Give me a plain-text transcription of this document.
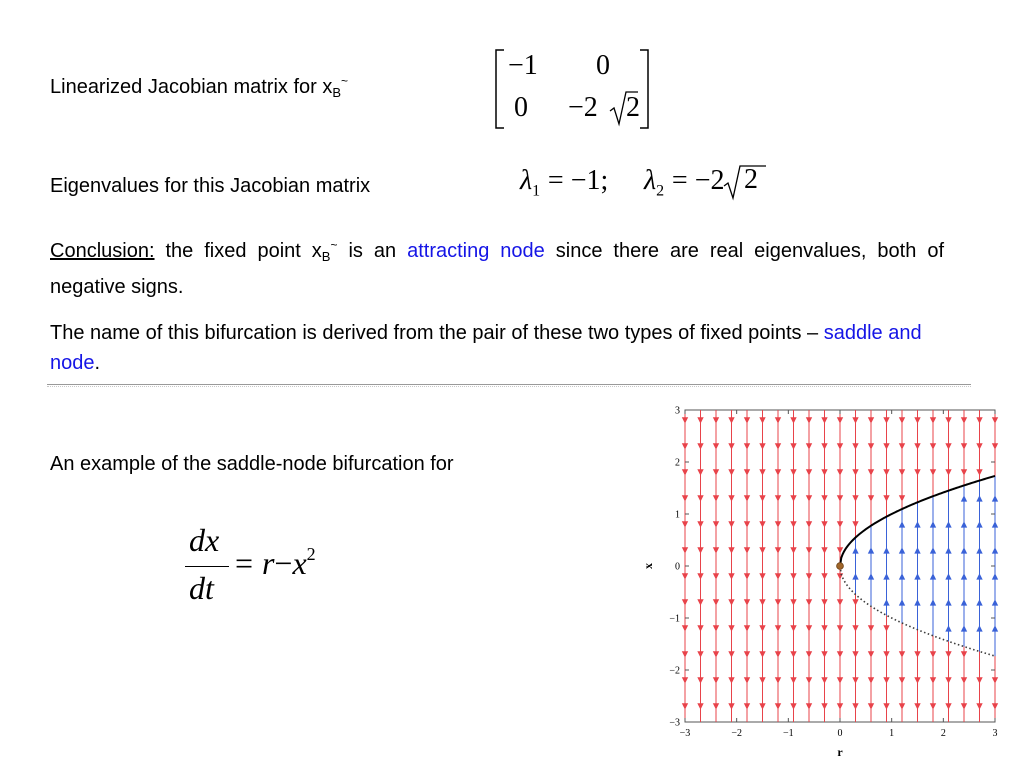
Linearized Jacobian matrix for $x_B^\sim$	−1 0
0 −2 2
Eigenvalues for this Jacobian matrix	$\lambda_1 = -1$; $\lambda_2 = -2$ 2
Conclusion: the fixed point $x_B^\sim$ is an attracting node since there are real eigenvalues, both of negative signs.
The name of this bifurcation is derived from the pair of these two types of fixed points – saddle and node.
An example of the saddle-node bifurcation for
dx
dt
= $r-x^2$
−3	−2	−1	0	1	2	3
3
2
1
0
−1
−2
−3
r
x
